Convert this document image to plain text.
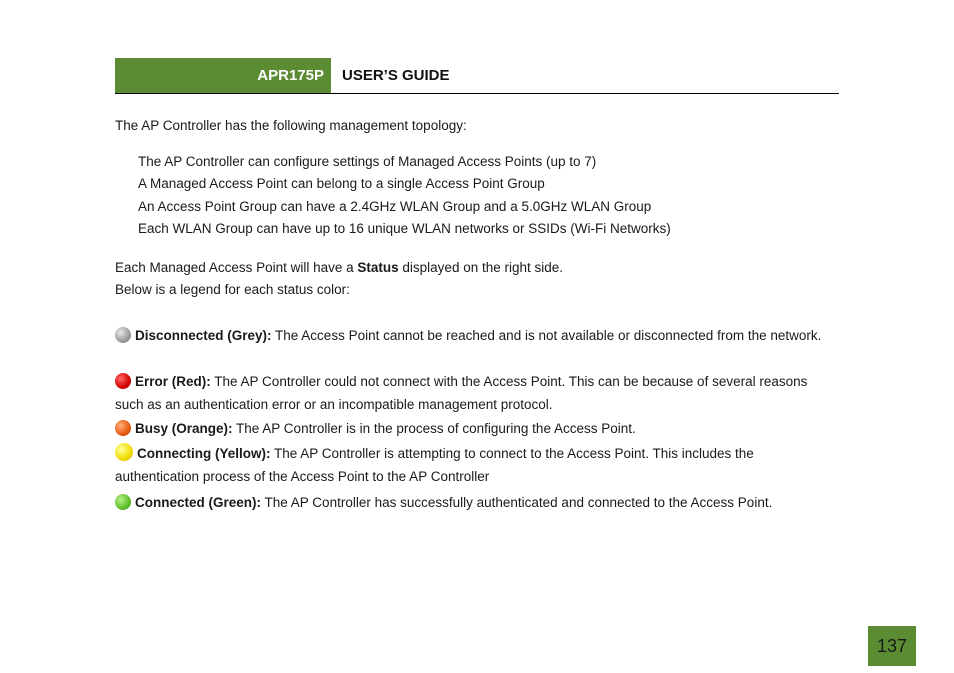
APR175P	USER’S GUIDE
The AP Controller has the following management topology:
The AP Controller can configure settings of Managed Access Points (up to 7)
A Managed Access Point can belong to a single Access Point Group
An Access Point Group can have a 2.4GHz WLAN Group and a 5.0GHz WLAN Group
Each WLAN Group can have up to 16 unique WLAN networks or SSIDs (Wi-Fi Networks)
Each Managed Access Point will have a Status displayed on the right side.
Below is a legend for each status color:
Disconnected (Grey): The Access Point cannot be reached and is not available or disconnected from the network.
Error (Red): The AP Controller could not connect with the Access Point. This can be because of several reasons such as an authentication error or an incompatible management protocol.
Busy (Orange): The AP Controller is in the process of configuring the Access Point.
Connecting (Yellow): The AP Controller is attempting to connect to the Access Point. This includes the authentication process of the Access Point to the AP Controller
Connected (Green): The AP Controller has successfully authenticated and connected to the Access Point.
137
